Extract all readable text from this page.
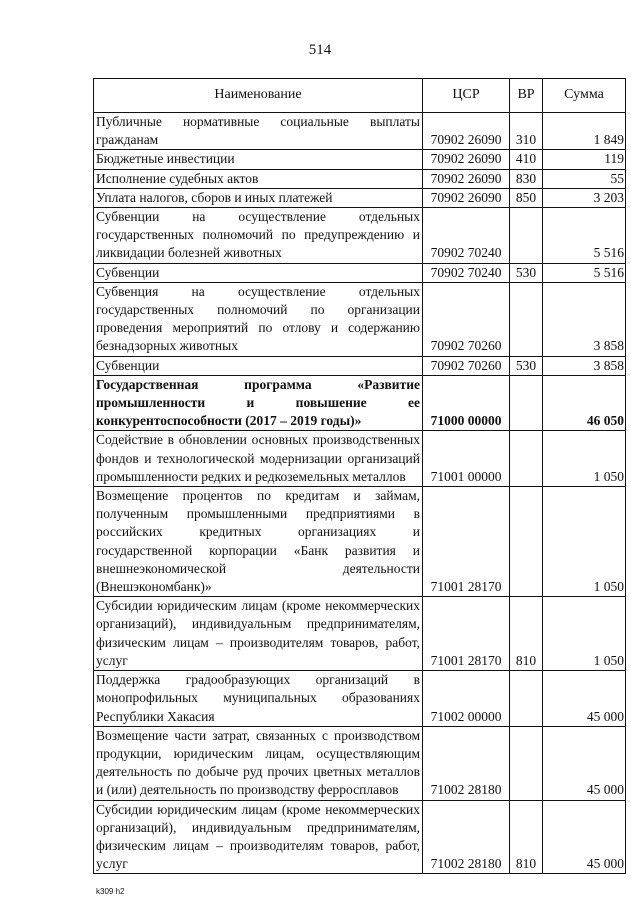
514
Наименование	ЦСР	ВР	Сумма
Публичные нормативные социальные выплаты гражданам	70902 26090	310	1 849
Бюджетные инвестиции	70902 26090	410	119
Исполнение судебных актов	70902 26090	830	55
Уплата налогов, сборов и иных платежей	70902 26090	850	3 203
Субвенции на осуществление отдельных государственных полномочий по предупреждению и ликвидации болезней животных	70902 70240		5 516
Субвенции	70902 70240	530	5 516
Субвенция на осуществление отдельных государственных полномочий по организации проведения мероприятий по отлову и содержанию безнадзорных животных	70902 70260		3 858
Субвенции	70902 70260	530	3 858
Государственная программа «Развитие промышленности и повышение ее конкурентоспособности (2017 – 2019 годы)»	71000 00000		46 050
Содействие в обновлении основных производственных фондов и технологической модернизации организаций промышленности редких и редкоземельных металлов	71001 00000		1 050
Возмещение процентов по кредитам и займам, полученным промышленными предприятиями в российских кредитных организациях и государственной корпорации «Банк развития и внешнеэкономической деятельности (Внешэкономбанк)»	71001 28170		1 050
Субсидии юридическим лицам (кроме некоммерческих организаций), индивидуальным предпринимателям, физическим лицам – производителям товаров, работ, услуг	71001 28170	810	1 050
Поддержка градообразующих организаций в монопрофильных муниципальных образованиях Республики Хакасия	71002 00000		45 000
Возмещение части затрат, связанных с производством продукции, юридическим лицам, осуществляющим деятельность по добыче руд прочих цветных металлов и (или) деятельность по производству ферросплавов	71002 28180		45 000
Субсидии юридическим лицам (кроме некоммерческих организаций), индивидуальным предпринимателям, физическим лицам – производителям товаров, работ, услуг	71002 28180	810	45 000
k309 h2
